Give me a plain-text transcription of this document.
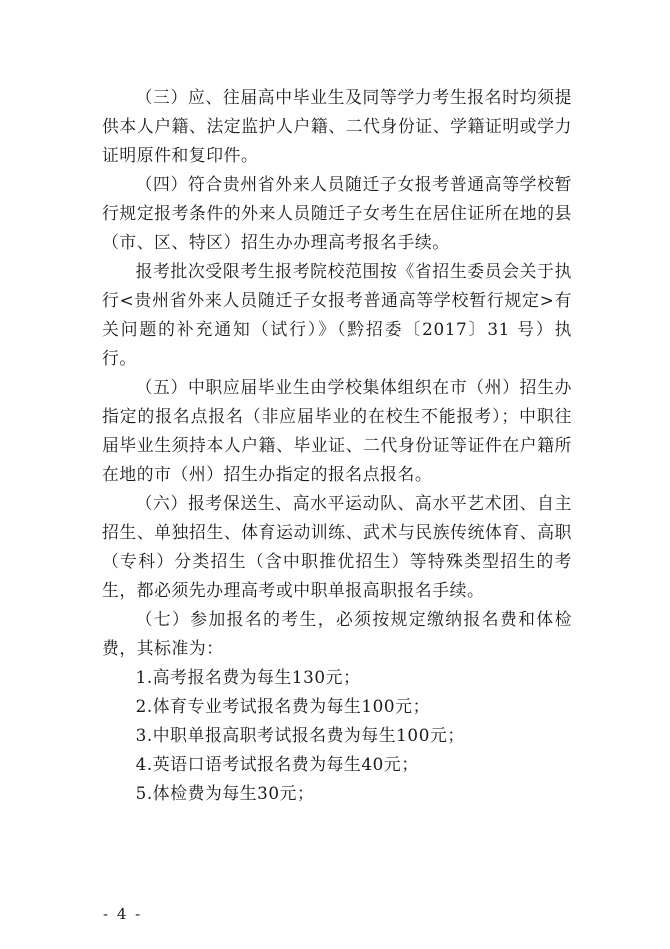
（三）应、往届高中毕业生及同等学力考生报名时均须提供本人户籍、法定监护人户籍、二代身份证、学籍证明或学力证明原件和复印件。

（四）符合贵州省外来人员随迁子女报考普通高等学校暂行规定报考条件的外来人员随迁子女考生在居住证所在地的县（市、区、特区）招生办办理高考报名手续。

报考批次受限考生报考院校范围按《省招生委员会关于执行<贵州省外来人员随迁子女报考普通高等学校暂行规定>有关问题的补充通知（试行）》（黔招委〔2017〕31 号）执行。

（五）中职应届毕业生由学校集体组织在市（州）招生办指定的报名点报名（非应届毕业的在校生不能报考）；中职往届毕业生须持本人户籍、毕业证、二代身份证等证件在户籍所在地的市（州）招生办指定的报名点报名。

（六）报考保送生、高水平运动队、高水平艺术团、自主招生、单独招生、体育运动训练、武术与民族传统体育、高职（专科）分类招生（含中职推优招生）等特殊类型招生的考生，都必须先办理高考或中职单报高职报名手续。

（七）参加报名的考生，必须按规定缴纳报名费和体检费，其标准为：

1.高考报名费为每生130元；

2.体育专业考试报名费为每生100元；

3.中职单报高职考试报名费为每生100元；

4.英语口语考试报名费为每生40元；

5.体检费为每生30元；

- 4 -
